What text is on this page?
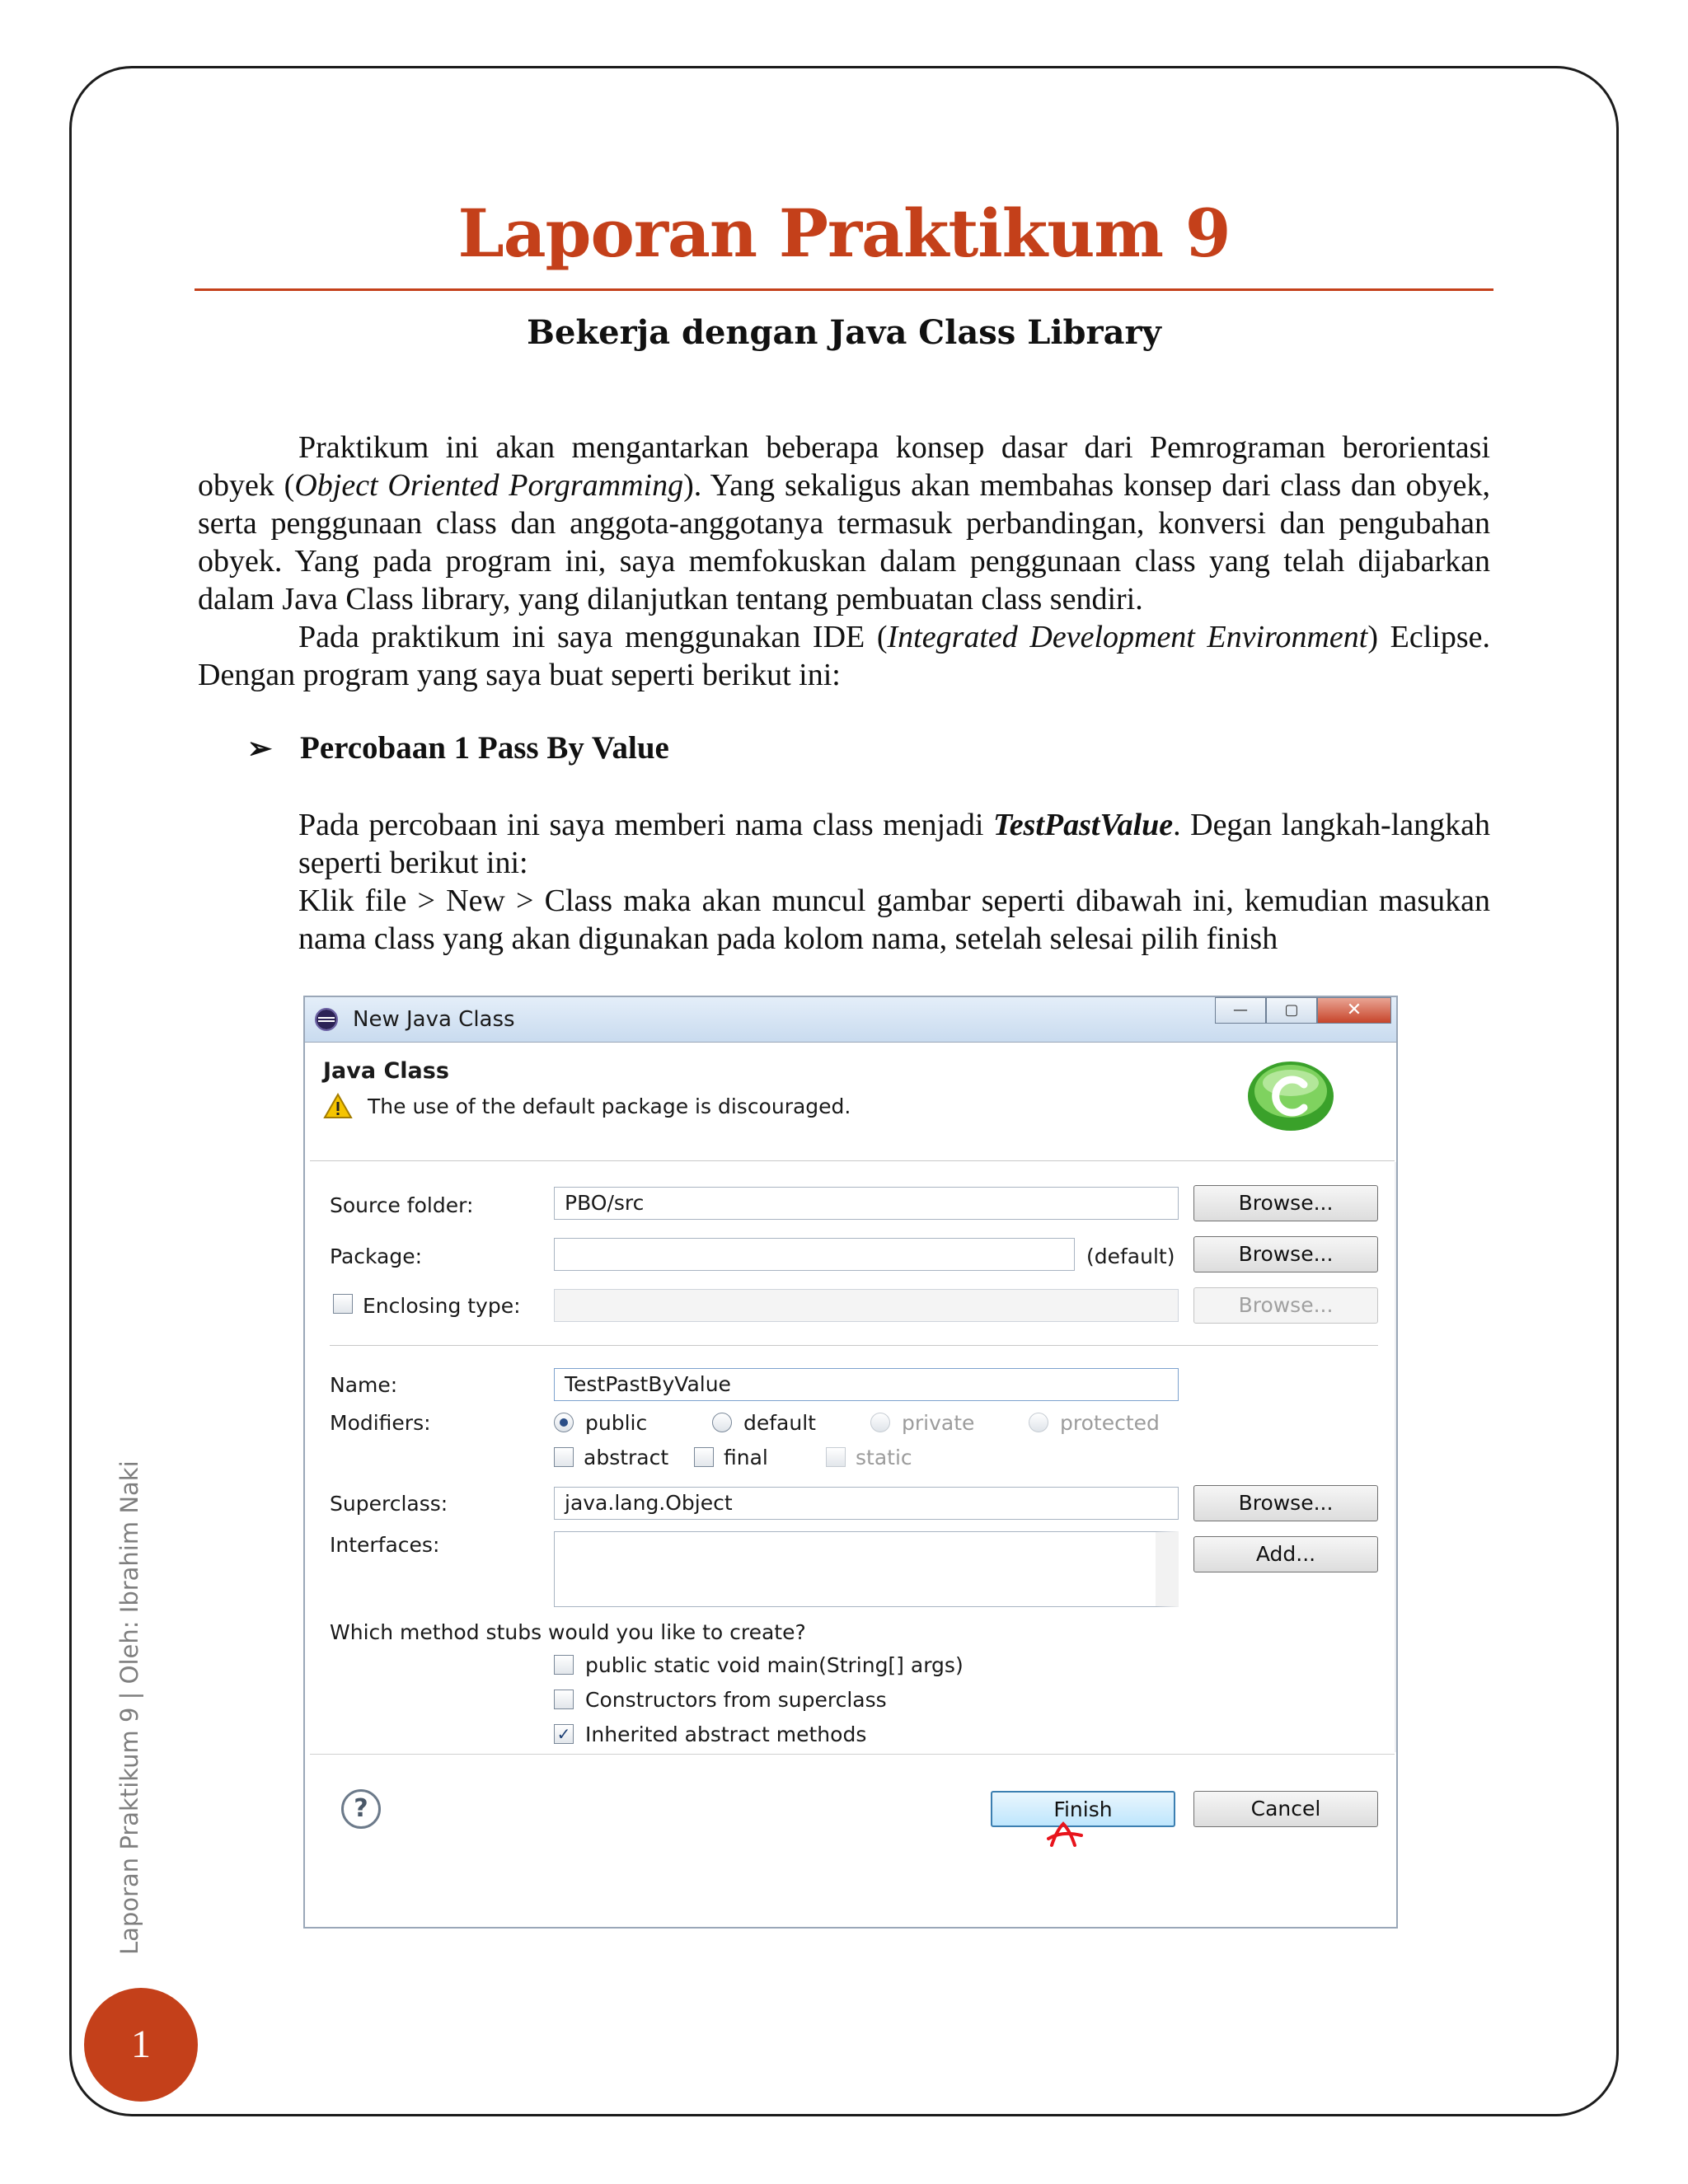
Laporan Praktikum 9
Bekerja dengan Java Class Library

Praktikum ini akan mengantarkan beberapa konsep dasar dari Pemrograman berorientasi obyek (Object Oriented Porgramming). Yang sekaligus akan membahas konsep dari class dan obyek, serta penggunaan class dan anggota-anggotanya termasuk perbandingan, konversi dan pengubahan obyek. Yang pada program ini, saya memfokuskan dalam penggunaan class yang telah dijabarkan dalam Java Class library, yang dilanjutkan tentang pembuatan class sendiri.

Pada praktikum ini saya menggunakan IDE (Integrated Development Environment) Eclipse. Dengan program yang saya buat seperti berikut ini:

➢ Percobaan 1 Pass By Value

Pada percobaan ini saya memberi nama class menjadi TestPastValue. Degan langkah-langkah seperti berikut ini:

Klik file > New > Class maka akan muncul gambar seperti dibawah ini, kemudian masukan nama class yang akan digunakan pada kolom nama, setelah selesai pilih finish

New Java Class	—	▢	✕
Java Class
The use of the default package is discouraged.
Source folder:	PBO/src	Browse...
Package:	(default)	Browse...
Enclosing type:	Browse...
Name:	TestPastByValue
Modifiers:	public	default	private	protected
abstract	final	static
Superclass:	java.lang.Object	Browse...
Interfaces:	Add...
Which method stubs would you like to create?
public static void main(String[] args)
Constructors from superclass
✓ Inherited abstract methods
?	Finish	Cancel
Laporan Praktikum 9 | Oleh: Ibrahim Naki
1
